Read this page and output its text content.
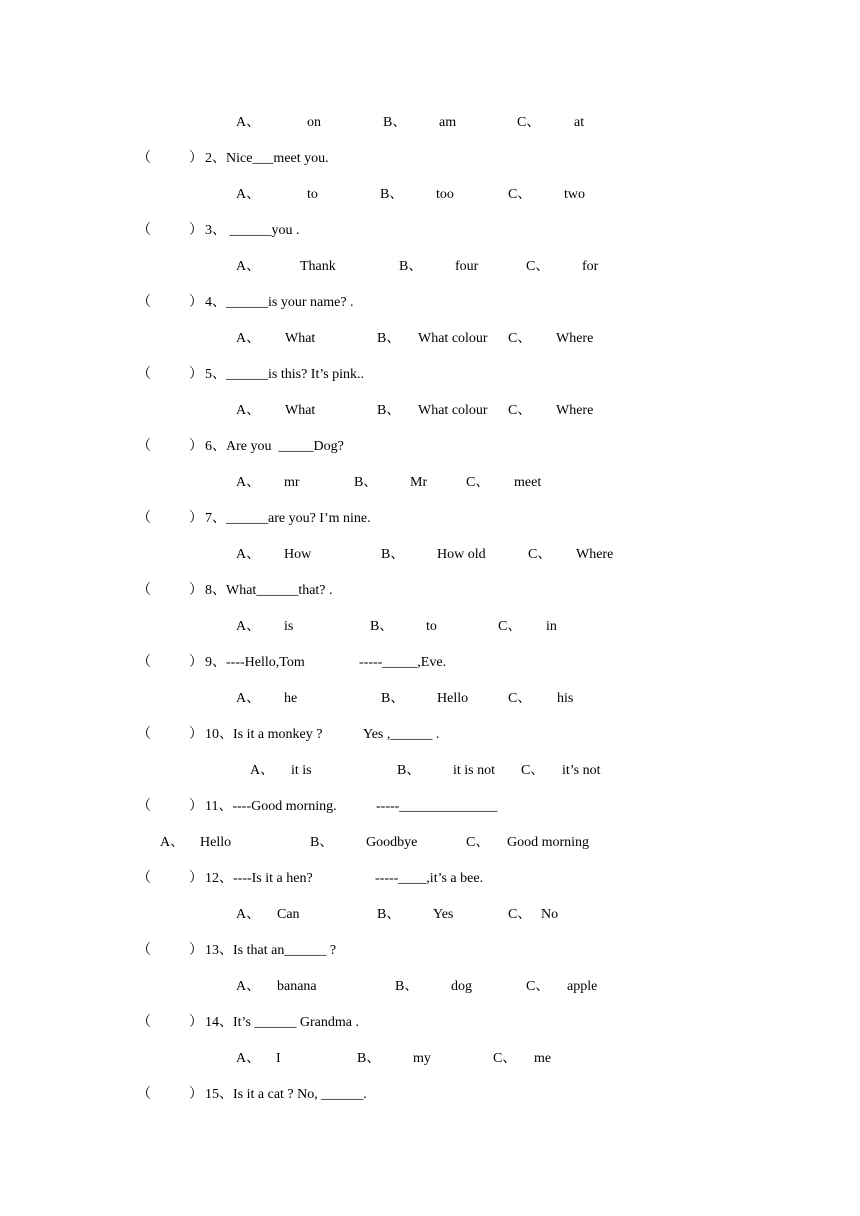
A、	on	B、 am	C、 at
（	） 2、Nice___meet you.
A、	to	B、 too	C、 two
（	） 3、 ______you .
A、	Thank	B、 four	C、 for
（	） 4、______is your name? .
A、 What	B、 What colour C、 Where
（	） 5、______is this? It’s pink..
A、 What	B、 What colour C、 Where
（	） 6、Are you  _____Dog?
A、 mr	B、 Mr	C、 meet
（	） 7、______are you? I’m nine.
A、 How	B、 How old	C、 Where
（	） 8、What______that? .
A、 is	B、 to	C、 in
（	） 9、----Hello,Tom	-----_____,Eve.
A、 he	B、 Hello	C、 his
（	） 10、Is it a monkey ?	Yes ,______ .
A、 it is	B、 it is not C、 it’s not
（	） 11、----Good morning.	-----______________
A、 Hello	B、 Goodbye	C、 Good morning
（	） 12、----Is it a hen?	-----____,it’s a bee.
A、 Can	B、 Yes	C、 No
（	） 13、Is that an______ ?
A、 banana	B、 dog	C、 apple
（	） 14、It’s ______ Grandma .
A、 I	B、 my	C、 me
（	） 15、Is it a cat ? No, ______.
